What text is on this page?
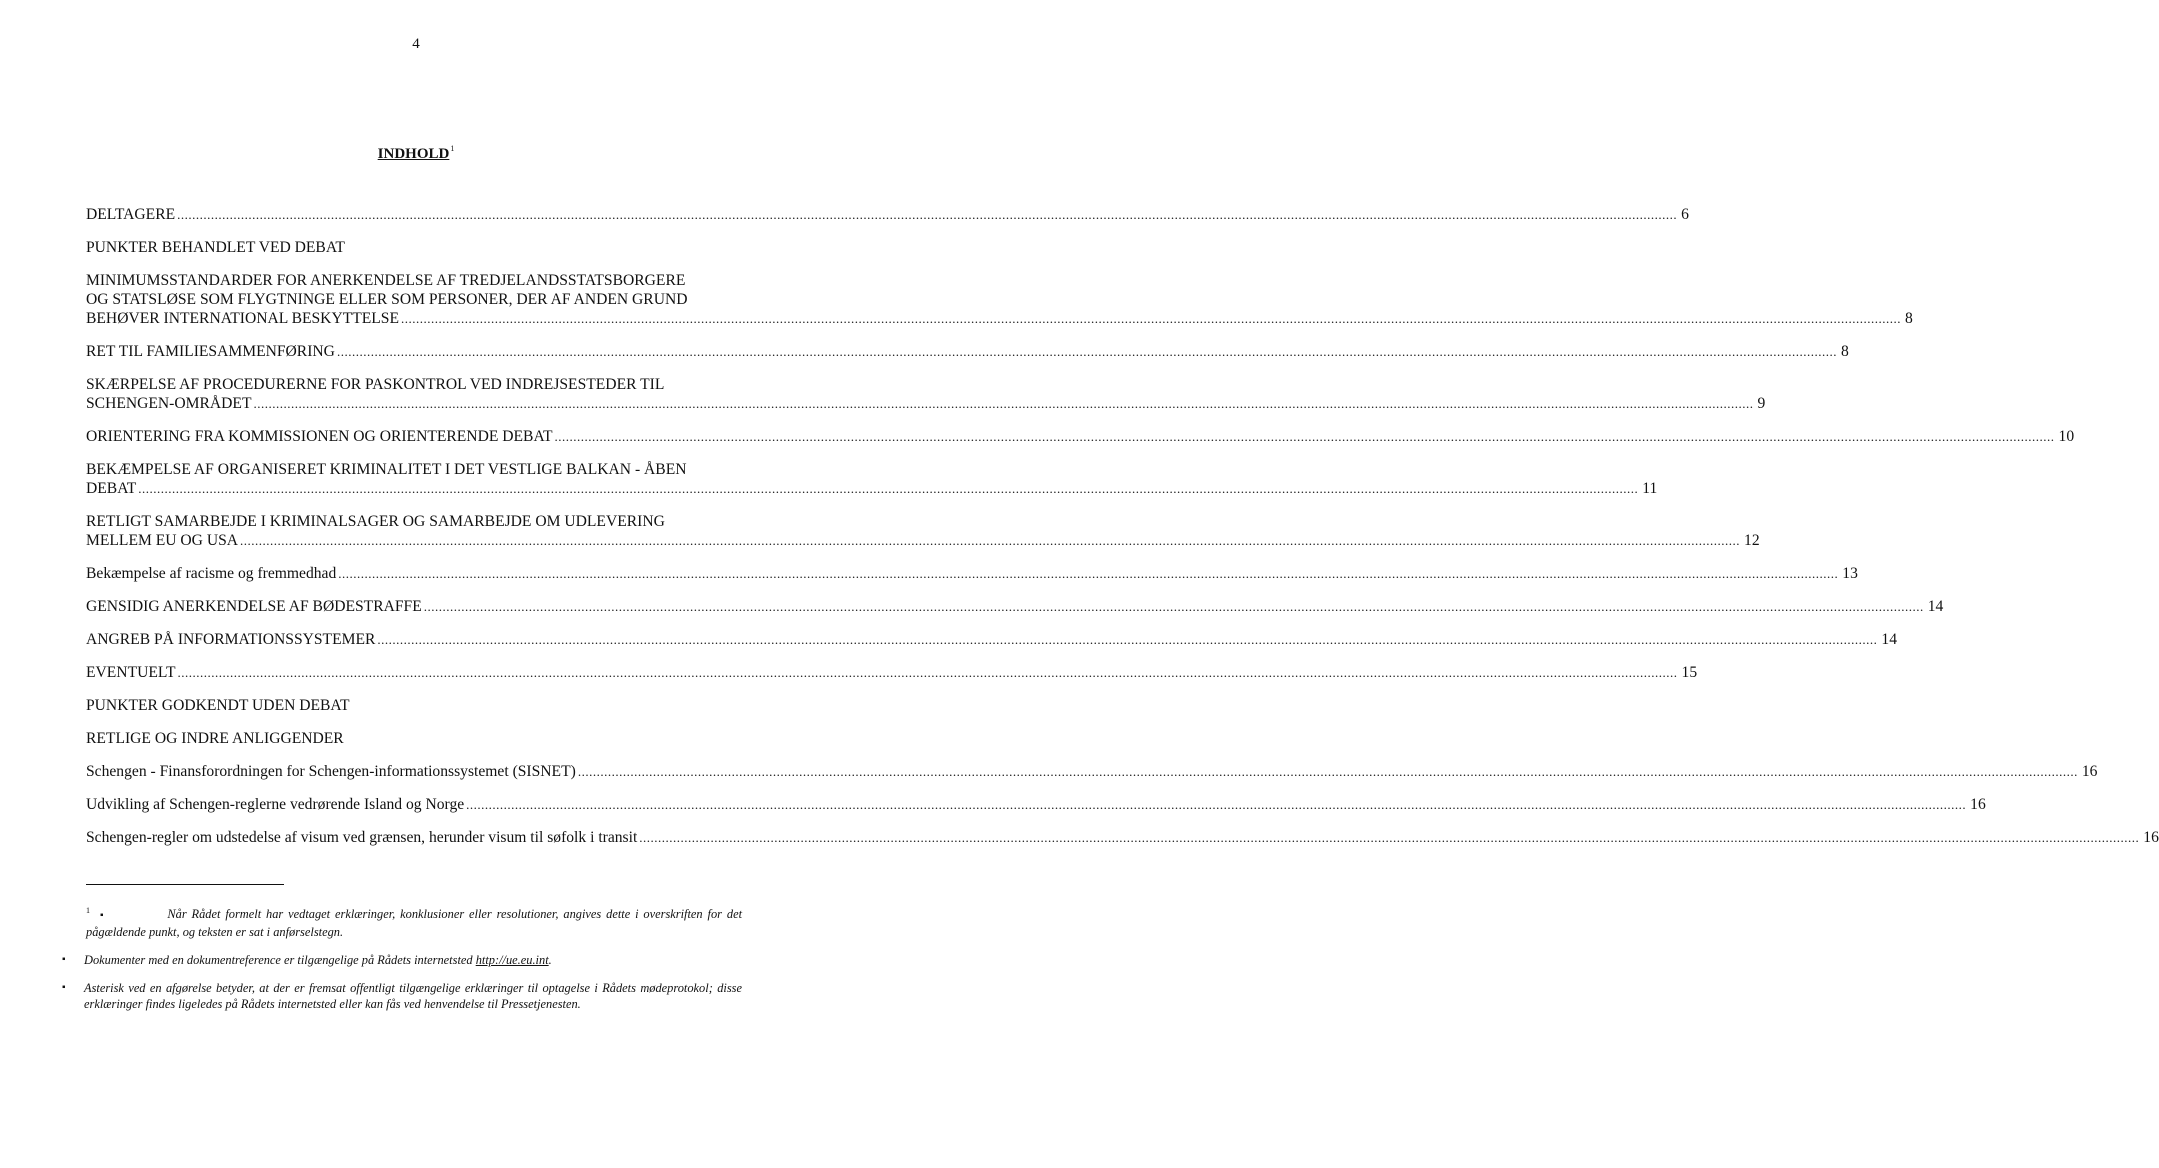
4
INDHOLD$^1$
DELTAGERE ................................................................................................................................................................................................................................................................................................................................................................................................................ 6
PUNKTER BEHANDLET VED DEBAT
MINIMUMSSTANDARDER FOR ANERKENDELSE AF TREDJELANDSSTATSBORGERE
OG STATSLØSE SOM FLYGTNINGE ELLER SOM PERSONER, DER AF ANDEN GRUND
BEHØVER INTERNATIONAL BESKYTTELSE ................................................................................................................................................................................................................................................................................................................................................................................................................ 8
RET TIL FAMILIESAMMENFØRING ................................................................................................................................................................................................................................................................................................................................................................................................................ 8
SKÆRPELSE AF PROCEDURERNE FOR PASKONTROL VED INDREJSESTEDER TIL
SCHENGEN-OMRÅDET ................................................................................................................................................................................................................................................................................................................................................................................................................ 9
ORIENTERING FRA KOMMISSIONEN OG ORIENTERENDE DEBAT ................................................................................................................................................................................................................................................................................................................................................................................................................ 10
BEKÆMPELSE AF ORGANISERET KRIMINALITET I DET VESTLIGE BALKAN - ÅBEN
DEBAT ................................................................................................................................................................................................................................................................................................................................................................................................................ 11
RETLIGT SAMARBEJDE I KRIMINALSAGER OG SAMARBEJDE OM UDLEVERING
MELLEM EU OG USA ................................................................................................................................................................................................................................................................................................................................................................................................................ 12
Bekæmpelse af racisme og fremmedhad ................................................................................................................................................................................................................................................................................................................................................................................................................ 13
GENSIDIG ANERKENDELSE AF BØDESTRAFFE ................................................................................................................................................................................................................................................................................................................................................................................................................ 14
ANGREB PÅ INFORMATIONSSYSTEMER ................................................................................................................................................................................................................................................................................................................................................................................................................ 14
EVENTUELT ................................................................................................................................................................................................................................................................................................................................................................................................................ 15
PUNKTER GODKENDT UDEN DEBAT
RETLIGE OG INDRE ANLIGGENDER
Schengen - Finansforordningen for Schengen-informationssystemet (SISNET) ................................................................................................................................................................................................................................................................................................................................................................................................................ 16
Udvikling af Schengen-reglerne vedrørende Island og Norge ................................................................................................................................................................................................................................................................................................................................................................................................................ 16
Schengen-regler om udstedelse af visum ved grænsen, herunder visum til søfolk i transit ................................................................................................................................................................................................................................................................................................................................................................................................................ 16
1 ▪	Når Rådet formelt har vedtaget erklæringer, konklusioner eller resolutioner, angives dette i overskriften for det pågældende punkt, og teksten er sat i anførselstegn.
▪	Dokumenter med en dokumentreference er tilgængelige på Rådets internetsted http://ue.eu.int.
▪	Asterisk ved en afgørelse betyder, at der er fremsat offentligt tilgængelige erklæringer til optagelse i Rådets mødeprotokol; disse erklæringer findes ligeledes på Rådets internetsted eller kan fås ved henvendelse til Pressetjenesten.
